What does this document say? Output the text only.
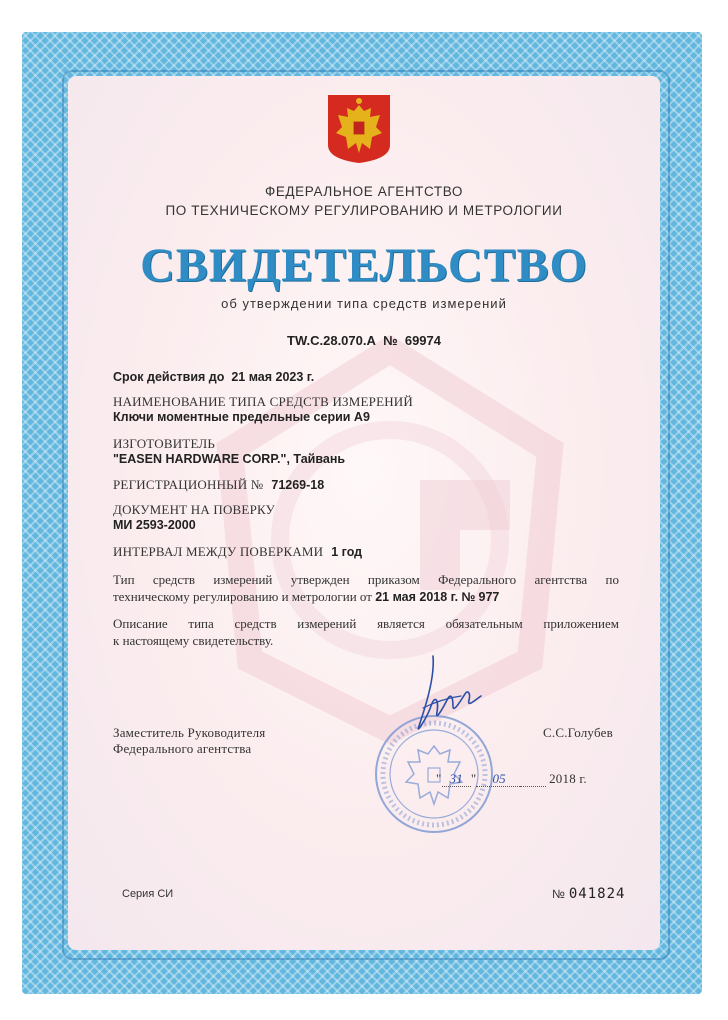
ФЕДЕРАЛЬНОЕ АГЕНТСТВО
ПО ТЕХНИЧЕСКОМУ РЕГУЛИРОВАНИЮ И МЕТРОЛОГИИ
СВИДЕТЕЛЬСТВО
об утверждении типа средств измерений
TW.C.28.070.A № 69974
Срок действия до 21 мая 2023 г.
НАИМЕНОВАНИЕ ТИПА СРЕДСТВ ИЗМЕРЕНИЙ
Ключи моментные предельные серии А9
ИЗГОТОВИТЕЛЬ
"EASEN HARDWARE CORP.", Тайвань
РЕГИСТРАЦИОННЫЙ № 71269-18
ДОКУМЕНТ НА ПОВЕРКУ
МИ 2593-2000
ИНТЕРВАЛ МЕЖДУ ПОВЕРКАМИ 1 год
Тип средств измерений утвержден приказом Федерального агентства по
техническому регулированию и метрологии от 21 мая 2018 г. № 977
Описание типа средств измерений является обязательным приложением
к настоящему свидетельству.
Заместитель Руководителя
Федерального агентства
С.С.Голубев
" 31 " 05	2018 г.
Серия СИ	№ 041824
